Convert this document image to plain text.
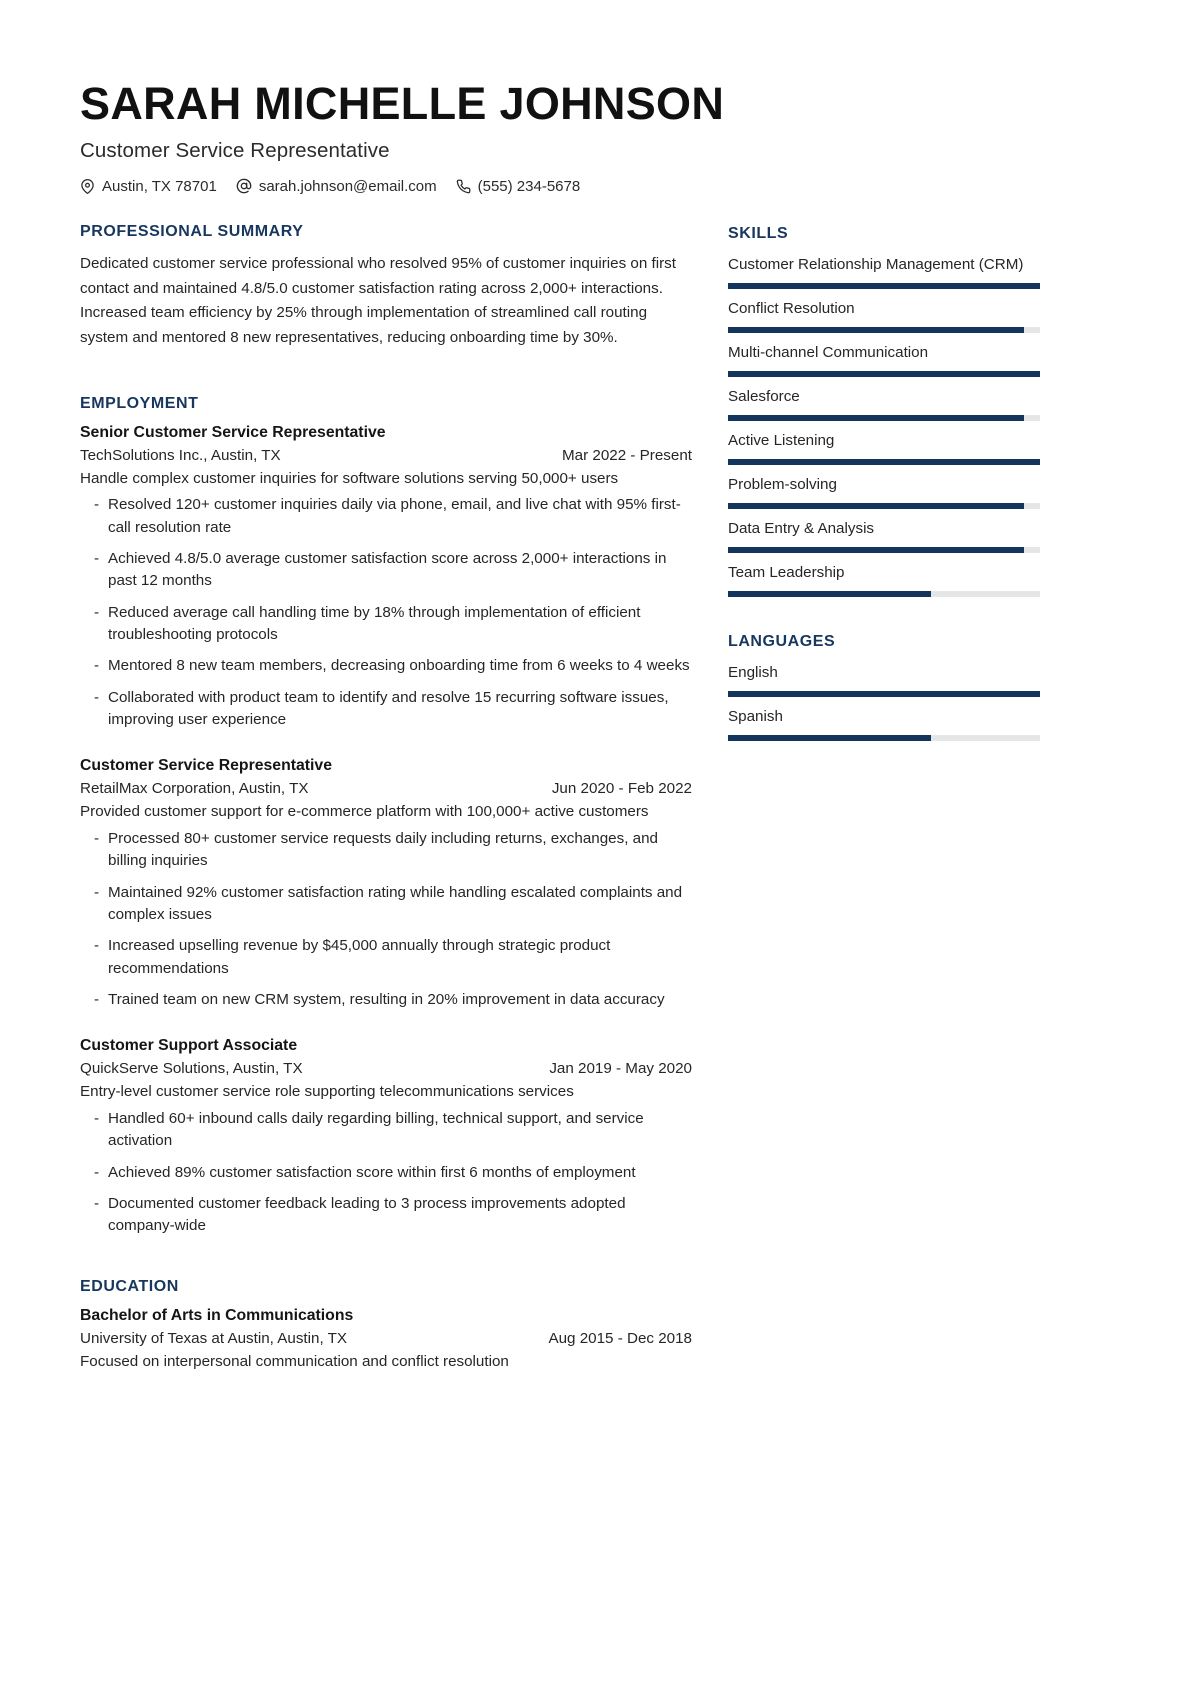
SARAH MICHELLE JOHNSON
Customer Service Representative
Austin, TX 78701	sarah.johnson@email.com	(555) 234-5678
PROFESSIONAL SUMMARY
Dedicated customer service professional who resolved 95% of customer inquiries on first contact and maintained 4.8/5.0 customer satisfaction rating across 2,000+ interactions. Increased team efficiency by 25% through implementation of streamlined call routing system and mentored 8 new representatives, reducing onboarding time by 30%.
EMPLOYMENT
Senior Customer Service Representative
TechSolutions Inc., Austin, TX	Mar 2022 - Present
Handle complex customer inquiries for software solutions serving 50,000+ users
- Resolved 120+ customer inquiries daily via phone, email, and live chat with 95% first-call resolution rate
- Achieved 4.8/5.0 average customer satisfaction score across 2,000+ interactions in past 12 months
- Reduced average call handling time by 18% through implementation of efficient troubleshooting protocols
- Mentored 8 new team members, decreasing onboarding time from 6 weeks to 4 weeks
- Collaborated with product team to identify and resolve 15 recurring software issues, improving user experience
Customer Service Representative
RetailMax Corporation, Austin, TX	Jun 2020 - Feb 2022
Provided customer support for e-commerce platform with 100,000+ active customers
- Processed 80+ customer service requests daily including returns, exchanges, and billing inquiries
- Maintained 92% customer satisfaction rating while handling escalated complaints and complex issues
- Increased upselling revenue by $45,000 annually through strategic product recommendations
- Trained team on new CRM system, resulting in 20% improvement in data accuracy
Customer Support Associate
QuickServe Solutions, Austin, TX	Jan 2019 - May 2020
Entry-level customer service role supporting telecommunications services
- Handled 60+ inbound calls daily regarding billing, technical support, and service activation
- Achieved 89% customer satisfaction score within first 6 months of employment
- Documented customer feedback leading to 3 process improvements adopted company-wide
EDUCATION
Bachelor of Arts in Communications
University of Texas at Austin, Austin, TX	Aug 2015 - Dec 2018
Focused on interpersonal communication and conflict resolution
SKILLS
Customer Relationship Management (CRM)
Conflict Resolution
Multi-channel Communication
Salesforce
Active Listening
Problem-solving
Data Entry & Analysis
Team Leadership
LANGUAGES
English
Spanish
